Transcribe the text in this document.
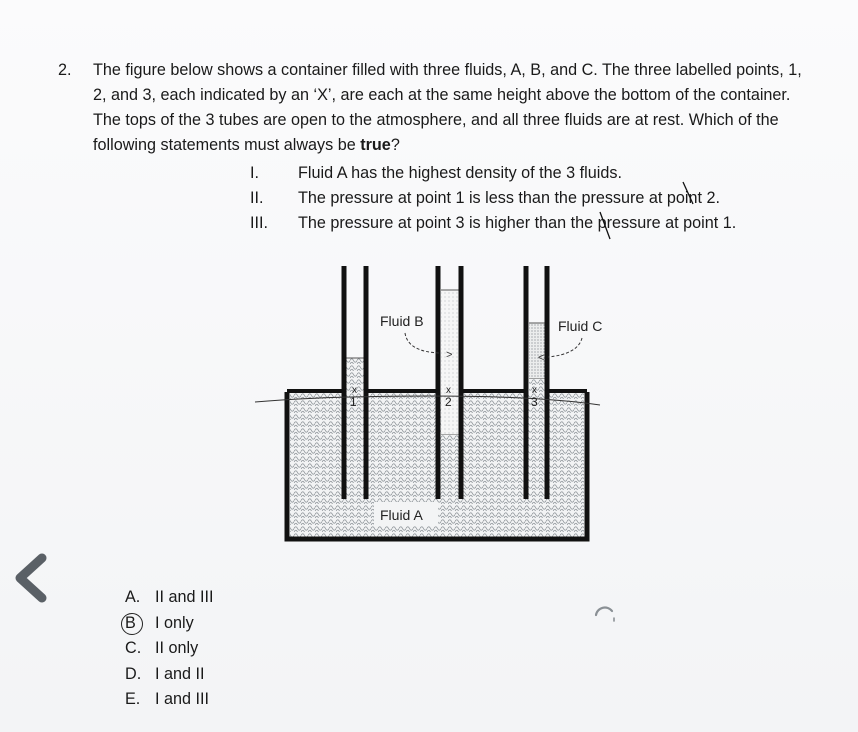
2. The figure below shows a container filled with three fluids, A, B, and C. The three labelled points, 1, 2, and 3, each indicated by an ‘X’, are each at the same height above the bottom of the container. The tops of the 3 tubes are open to the atmosphere, and all three fluids are at rest. Which of the following statements must always be true?
I.	Fluid A has the highest density of the 3 fluids.
II.	The pressure at point 1 is less than the pressure at point 2.
III.	The pressure at point 3 is higher than the pressure at point 1.
Fluid A
Fluid B	Fluid C
>	<
x
1
x
2
x
3
A. II and III
B	I only
C. II only
D. I and II
E. I and III
